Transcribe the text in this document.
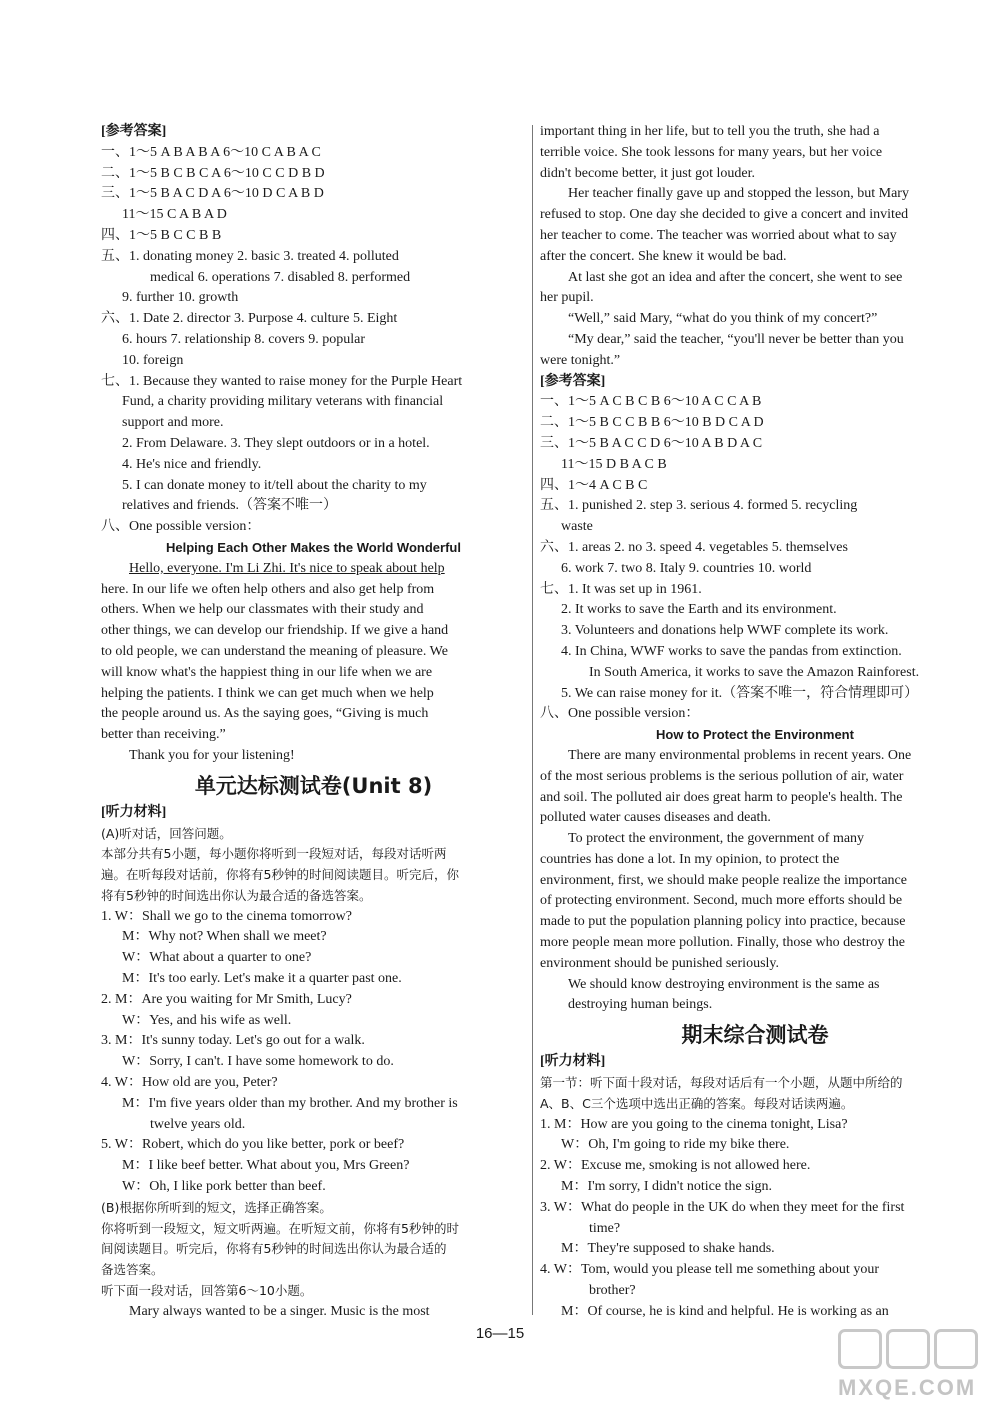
[参考答案]
一、1～5 A B A B A 6～10 C A B A C
二、1～5 B C B C A 6～10 C C D B D
三、1～5 B A C D A 6～10 D C A B D
11～15 C A B A D
四、1～5 B C C B B
五、1. donating money 2. basic 3. treated 4. polluted
medical 6. operations 7. disabled 8. performed
9. further 10. growth
六、1. Date 2. director 3. Purpose 4. culture 5. Eight
6. hours 7. relationship 8. covers 9. popular
10. foreign
七、1. Because they wanted to raise money for the Purple Heart
Fund, a charity providing military veterans with financial
support and more.
2. From Delaware. 3. They slept outdoors or in a hotel.
4. He's nice and friendly.
5. I can donate money to it/tell about the charity to my
relatives and friends.（答案不唯一）
八、One possible version：
Helping Each Other Makes the World Wonderful
Hello, everyone. I'm Li Zhi. It's nice to speak about help
here. In our life we often help others and also get help from
others. When we help our classmates with their study and
other things, we can develop our friendship. If we give a hand
to old people, we can understand the meaning of pleasure. We
will know what's the happiest thing in our life when we are
helping the patients. I think we can get much when we help
the people around us. As the saying goes, “Giving is much
better than receiving.”
Thank you for your listening!
单元达标测试卷(Unit 8)
[听力材料]
(A)听对话，回答问题。
本部分共有5小题，每小题你将听到一段短对话，每段对话听两
遍。在听每段对话前，你将有5秒钟的时间阅读题目。听完后，你
将有5秒钟的时间选出你认为最合适的备选答案。
1. W：Shall we go to the cinema tomorrow?
M：Why not? When shall we meet?
W：What about a quarter to one?
M：It's too early. Let's make it a quarter past one.
2. M：Are you waiting for Mr Smith, Lucy?
W：Yes, and his wife as well.
3. M：It's sunny today. Let's go out for a walk.
W：Sorry, I can't. I have some homework to do.
4. W：How old are you, Peter?
M：I'm five years older than my brother. And my brother is
twelve years old.
5. W：Robert, which do you like better, pork or beef?
M：I like beef better. What about you, Mrs Green?
W：Oh, I like pork better than beef.
(B)根据你所听到的短文，选择正确答案。
你将听到一段短文，短文听两遍。在听短文前，你将有5秒钟的时
间阅读题目。听完后，你将有5秒钟的时间选出你认为最合适的
备选答案。
听下面一段对话，回答第6～10小题。
Mary always wanted to be a singer. Music is the most
important thing in her life, but to tell you the truth, she had a
terrible voice. She took lessons for many years, but her voice
didn't become better, it just got louder.
Her teacher finally gave up and stopped the lesson, but Mary
refused to stop. One day she decided to give a concert and invited
her teacher to come. The teacher was worried about what to say
after the concert. She knew it would be bad.
At last she got an idea and after the concert, she went to see
her pupil.
“Well,” said Mary, “what do you think of my concert?”
“My dear,” said the teacher, “you'll never be better than you
were tonight.”
[参考答案]
一、1～5 A C B C B 6～10 A C C A B
二、1～5 B C C B B 6～10 B D C A D
三、1～5 B A C C D 6～10 A B D A C
11～15 D B A C B
四、1～4 A C B C
五、1. punished 2. step 3. serious 4. formed 5. recycling
waste
六、1. areas 2. no 3. speed 4. vegetables 5. themselves
6. work 7. two 8. Italy 9. countries 10. world
七、1. It was set up in 1961.
2. It works to save the Earth and its environment.
3. Volunteers and donations help WWF complete its work.
4. In China, WWF works to save the pandas from extinction.
In South America, it works to save the Amazon Rainforest.
5. We can raise money for it.（答案不唯一，符合情理即可）
八、One possible version：
How to Protect the Environment
There are many environmental problems in recent years. One
of the most serious problems is the serious pollution of air, water
and soil. The polluted air does great harm to people's health. The
polluted water causes diseases and death.
To protect the environment, the government of many
countries has done a lot. In my opinion, to protect the
environment, first, we should make people realize the importance
of protecting environment. Second, much more efforts should be
made to put the population planning policy into practice, because
more people mean more pollution. Finally, those who destroy the
environment should be punished seriously.
We should know destroying environment is the same as
destroying human beings.
期末综合测试卷
[听力材料]
第一节：听下面十段对话，每段对话后有一个小题，从题中所给的
A、B、C三个选项中选出正确的答案。每段对话读两遍。
1. M：How are you going to the cinema tonight, Lisa?
W：Oh, I'm going to ride my bike there.
2. W：Excuse me, smoking is not allowed here.
M：I'm sorry, I didn't notice the sign.
3. W：What do people in the UK do when they meet for the first
time?
M：They're supposed to shake hands.
4. W：Tom, would you please tell me something about your
brother?
M：Of course, he is kind and helpful. He is working as an
16—15
MXQE.COM
